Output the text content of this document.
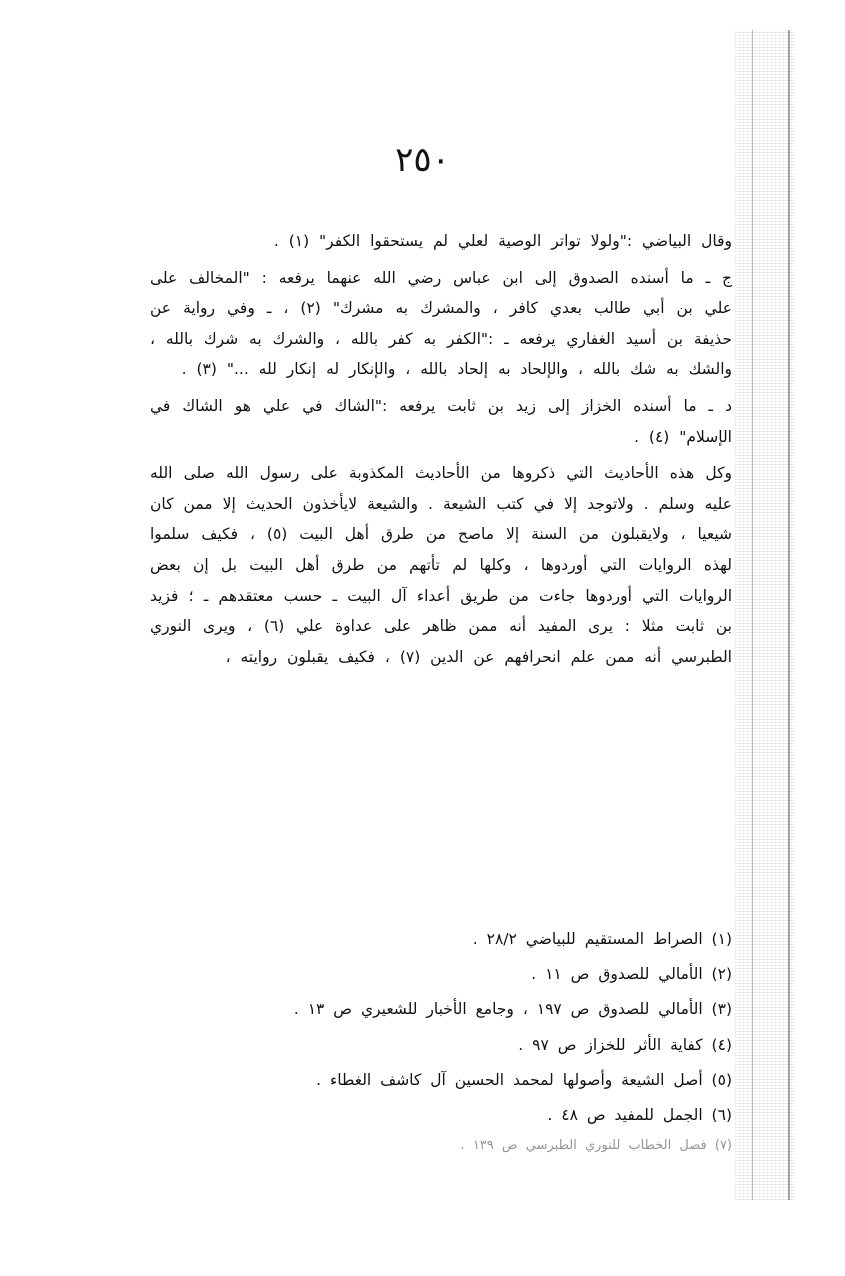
٢٥٠

وقال البياضي :"ولولا تواتر الوصية لعلي لم يستحقوا الكفر" (١) .

ج ـ ما أسنده الصدوق إلى ابن عباس رضي الله عنهما يرفعه : "المخالف على علي بن أبي طالب بعدي كافر ، والمشرك به مشرك" (٢) ، ـ وفي رواية عن حذيفة بن أسيد الغفاري يرفعه ـ :"الكفر به كفر بالله ، والشرك به شرك بالله ، والشك به شك بالله ، والإلحاد به إلحاد بالله ، والإنكار له إنكار لله ..." (٣) .

د ـ ما أسنده الخزاز إلى زيد بن ثابت يرفعه :"الشاك في علي هو الشاك في الإسلام" (٤) .

وكل هذه الأحاديث التي ذكروها من الأحاديث المكذوبة على رسول الله صلى الله عليه وسلم . ولاتوجد إلا في كتب الشيعة . والشيعة لايأخذون الحديث إلا ممن كان شيعيا ، ولايقبلون من السنة إلا ماصح من طرق أهل البيت (٥) ، فكيف سلموا لهذه الروايات التي أوردوها ، وكلها لم تأتهم من طرق أهل البيت بل إن بعض الروايات التي أوردوها جاءت من طريق أعداء آل البيت ـ حسب معتقدهم ـ ؛ فزيد بن ثابت مثلا : يرى المفيد أنه ممن ظاهر على عداوة علي (٦) ، ويرى النوري الطبرسي أنه ممن علم انحرافهم عن الدين (٧) ، فكيف يقبلون روايته ،

(١) الصراط المستقيم للبياضي ٢٨/٢ .
(٢) الأمالي للصدوق ص ١١ .
(٣) الأمالي للصدوق ص ١٩٧ ، وجامع الأخبار للشعيري ص ١٣ .
(٤) كفاية الأثر للخزاز ص ٩٧ .
(٥) أصل الشيعة وأصولها لمحمد الحسين آل كاشف الغطاء .
(٦) الجمل للمفيد ص ٤٨ .
(٧) فصل الخطاب للنوري الطبرسي ص ١٣٩ .
